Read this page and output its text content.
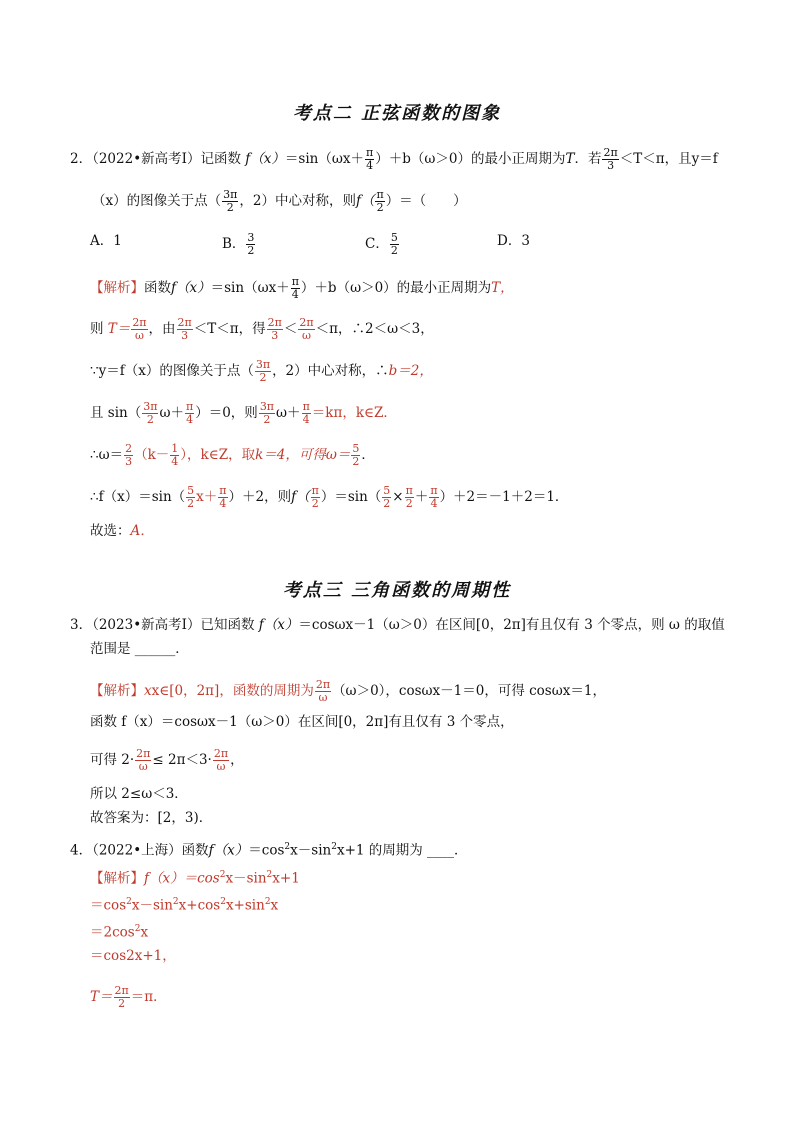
考点二 正弦函数的图象
2．（2022•新高考Ⅰ）记函数 $f(x)=\sin(\omega x+ \frac{\pi}{4} )+b(\omega>0)$的最小正周期为T．若 $\frac{2\pi}{3} <T<\pi$，且y＝f
（x）的图像关于点（ $\frac{3\pi}{2}$ ，2）中心对称，则$f( \frac{\pi}{2}$ ）＝（　　）
A．1	B． $\frac{3}{2}$	C． $\frac{5}{2}$	D．3
【解析】函数$f(x)=\sin(\omega x+ \frac{\pi}{4} )+b(\omega>0)$的最小正周期为T，
则 $T= \frac{2\pi}{\omega}$ ，由 $\frac{2\pi}{3} <T<\pi$，得 $\frac{2\pi}{3} < \frac{2\pi}{\omega} <\pi$，∴2＜ω＜3，
∵y＝f（x）的图像关于点（ $\frac{3\pi}{2}$ ，2）中心对称，∴b＝2，
且 $\sin( \frac{3\pi}{2} \omega+ \frac{\pi}{4} )=0$，则 $\frac{3\pi}{2} \omega+ \frac{\pi}{4} =k\pi$，k∈Z．
∴ω＝ $\frac{2}{3} (k- \frac{1}{4}$ ），k∈Z，取k＝4，可得$\omega= \frac{5}{2}$ ．
∴f（x）＝sin（ $\frac{5}{2} x+ \frac{\pi}{4} )+2$，则$f( \frac{\pi}{2} )=\sin( \frac{5}{2} \times \frac{\pi}{2} + \frac{\pi}{4} )+2=-1+2=1$．
故选：A．
考点三 三角函数的周期性
3．（2023•新高考Ⅰ）已知函数 f（x）＝cosωx－1（ω＞0）在区间[0，2π]有且仅有 3 个零点，则 ω 的取值
范围是 ______．
【解析】xx∈[0，2π]，函数的周期为 $\frac{2\pi}{\omega} (\omega>0)$，cosωx－1＝0，可得 cosωx＝1，
函数 f（x）＝cosωx－1（ω＞0）在区间[0，2π]有且仅有 3 个零点，
可得 $2\cdot \frac{2\pi}{\omega} \le 2\pi<3\cdot \frac{2\pi}{\omega}$ ，
所以 2≤ω＜3．
故答案为：[2，3)．
4．（2022•上海）函数$f(x)=\cos^2x-\sin^2x+1$ 的周期为 ____．
【解析】$f(x)=\cos^2x-\sin^2x+1$
$=\cos^2x-\sin^2x+\cos^2x+\sin^2x$
$=2\cos^2x$
＝cos2x+1，
$T= \frac{2\pi}{2} =\pi$．
